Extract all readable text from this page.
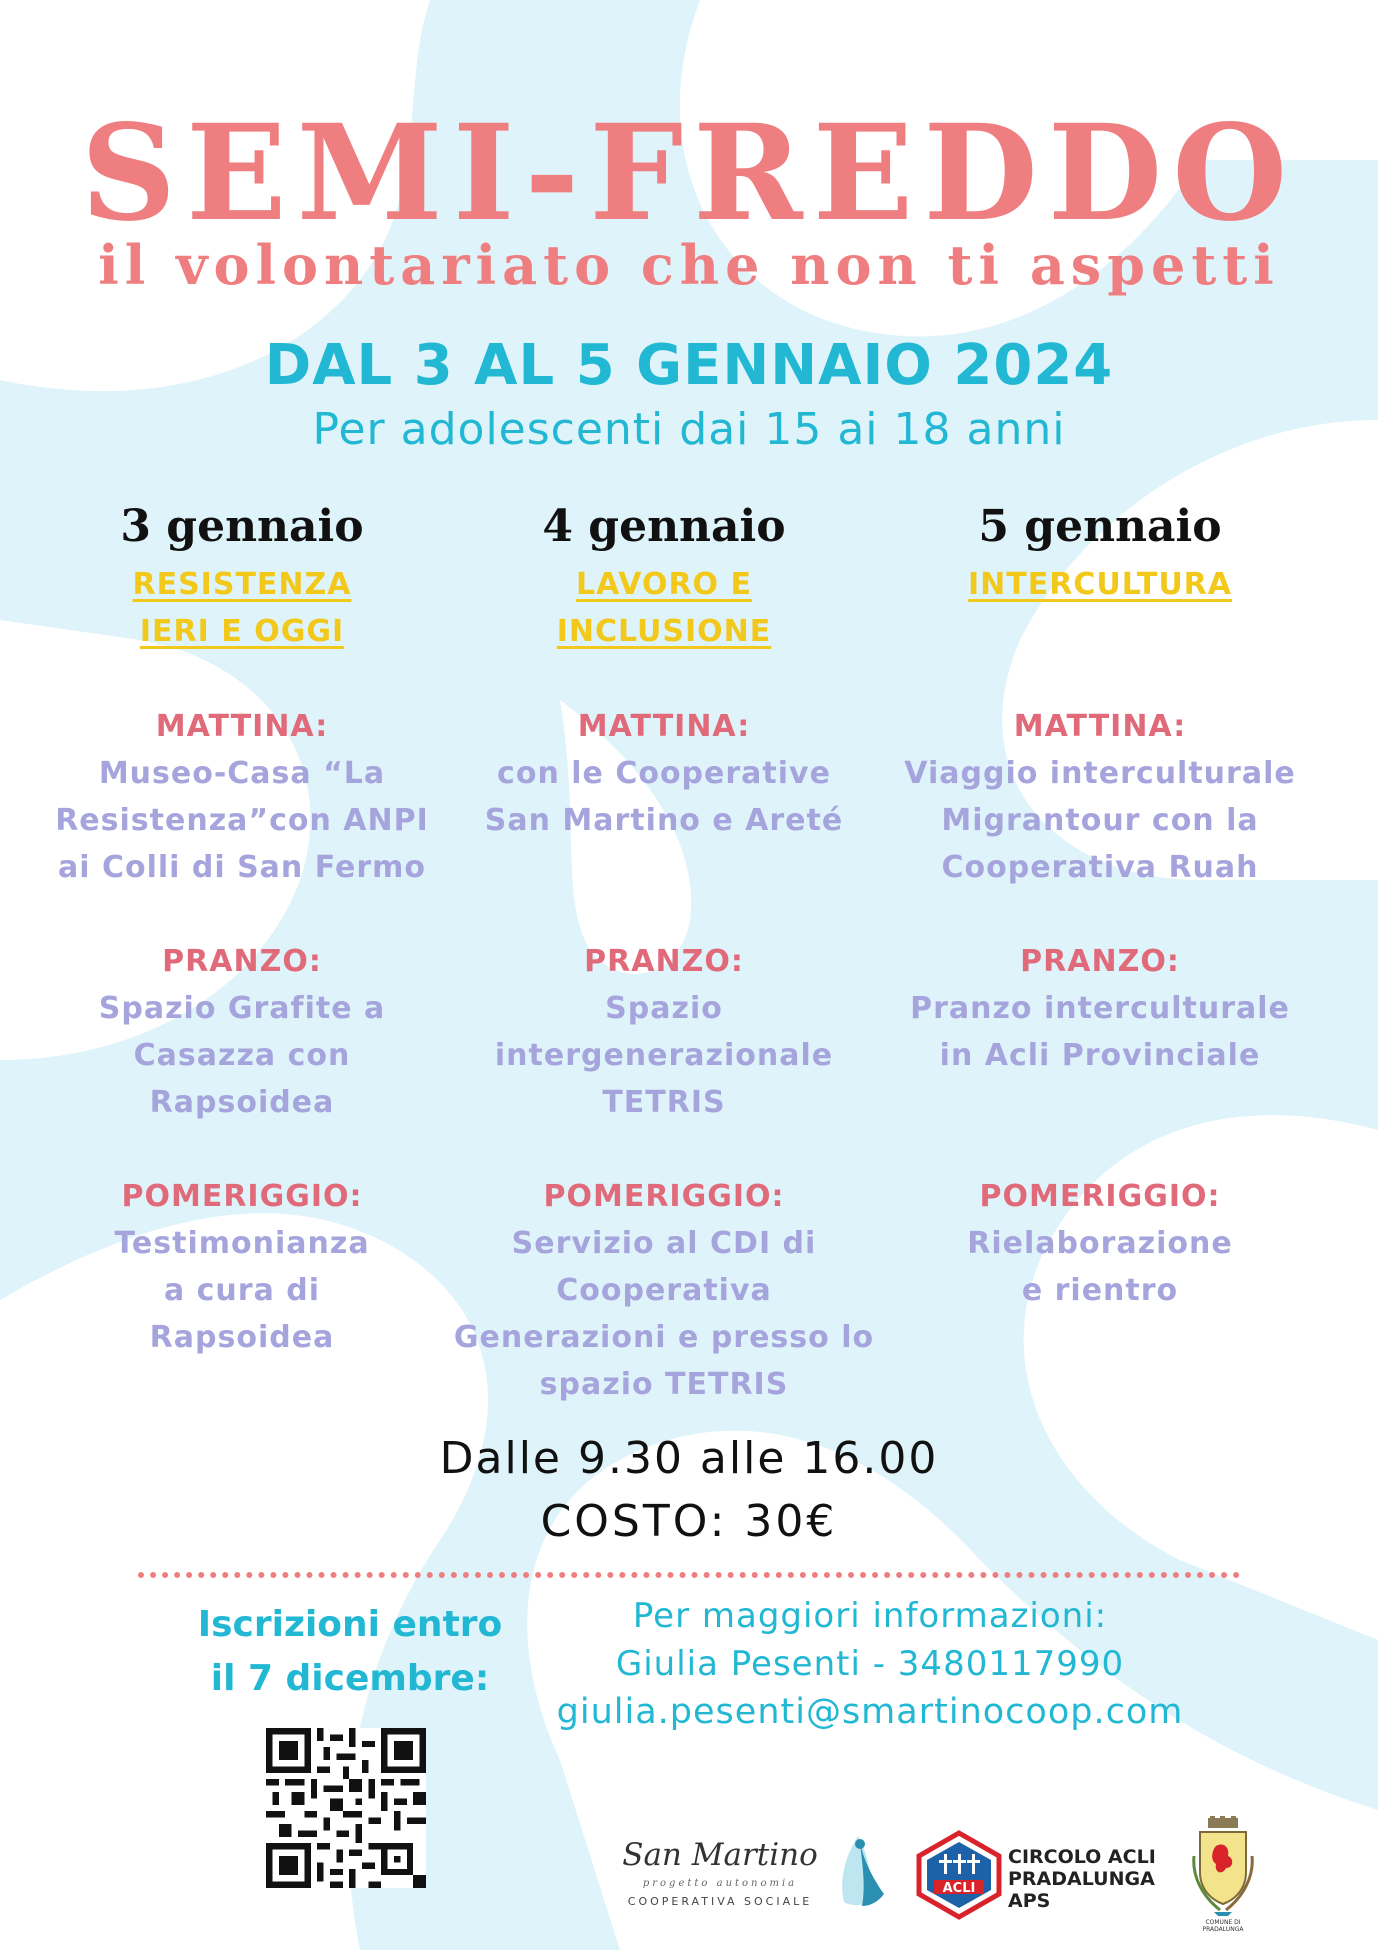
SEMI-FREDDO
il volontariato che non ti aspetti
DAL 3 AL 5 GENNAIO 2024
Per adolescenti dai 15 ai 18 anni
3 gennaio
RESISTENZA
IERI E OGGI
MATTINA:
Museo-Casa “La
Resistenza”con ANPI
ai Colli di San Fermo
PRANZO:
Spazio Grafite a
Casazza con
Rapsoidea
POMERIGGIO:
Testimonianza
a cura di
Rapsoidea
4 gennaio
LAVORO E
INCLUSIONE
MATTINA:
con le Cooperative
San Martino e Areté
PRANZO:
Spazio
intergenerazionale
TETRIS
POMERIGGIO:
Servizio al CDI di
Cooperativa
Generazioni e presso lo
spazio TETRIS
5 gennaio
INTERCULTURA
MATTINA:
Viaggio interculturale
Migrantour con la
Cooperativa Ruah
PRANZO:
Pranzo interculturale
in Acli Provinciale
POMERIGGIO:
Rielaborazione
e rientro
Dalle 9.30 alle 16.00
COSTO: 30€
Iscrizioni entro
il 7 dicembre:
Per maggiori informazioni:
Giulia Pesenti - 3480117990
giulia.pesenti@smartinocoop.com
San Martino
progetto autonomia
COOPERATIVA SOCIALE
ACLI
CIRCOLO ACLI
PRADALUNGA
APS
COMUNE DI
PRADALUNGA
